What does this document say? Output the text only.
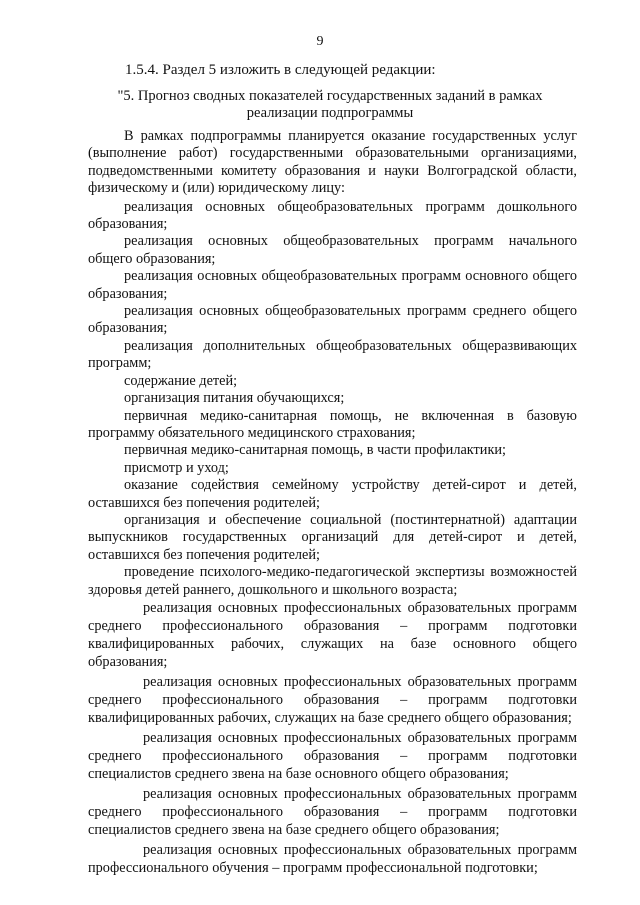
9
1.5.4. Раздел 5 изложить в следующей редакции:
"5. Прогноз сводных показателей государственных заданий в рамках
реализации подпрограммы

В рамках подпрограммы планируется оказание государственных услуг (выполнение работ) государственными образовательными организациями, подведомственными комитету образования и науки Волгоградской области, физическому и (или) юридическому лицу:

реализация основных общеобразовательных программ дошкольного образования;

реализация основных общеобразовательных программ начального общего образования;

реализация основных общеобразовательных программ основного общего образования;

реализация основных общеобразовательных программ среднего общего образования;

реализация дополнительных общеобразовательных общеразвивающих программ;

содержание детей;

организация питания обучающихся;

первичная медико-санитарная помощь, не включенная в базовую программу обязательного медицинского страхования;

первичная медико-санитарная помощь, в части профилактики;

присмотр и уход;

оказание содействия семейному устройству детей-сирот и детей, оставшихся без попечения родителей;

организация и обеспечение социальной (постинтернатной) адаптации выпускников государственных организаций для детей-сирот и детей, оставшихся без попечения родителей;

проведение психолого-медико-педагогической экспертизы возможностей здоровья детей раннего, дошкольного и школьного возраста;

реализация основных профессиональных образовательных программ среднего профессионального образования – программ подготовки квалифицированных рабочих, служащих на базе основного общего образования;

реализация основных профессиональных образовательных программ среднего профессионального образования – программ подготовки квалифицированных рабочих, служащих на базе среднего общего образования;

реализация основных профессиональных образовательных программ среднего профессионального образования – программ подготовки специалистов среднего звена на базе основного общего образования;

реализация основных профессиональных образовательных программ среднего профессионального образования – программ подготовки специалистов среднего звена на базе среднего общего образования;

реализация основных профессиональных образовательных программ профессионального обучения – программ профессиональной подготовки;
